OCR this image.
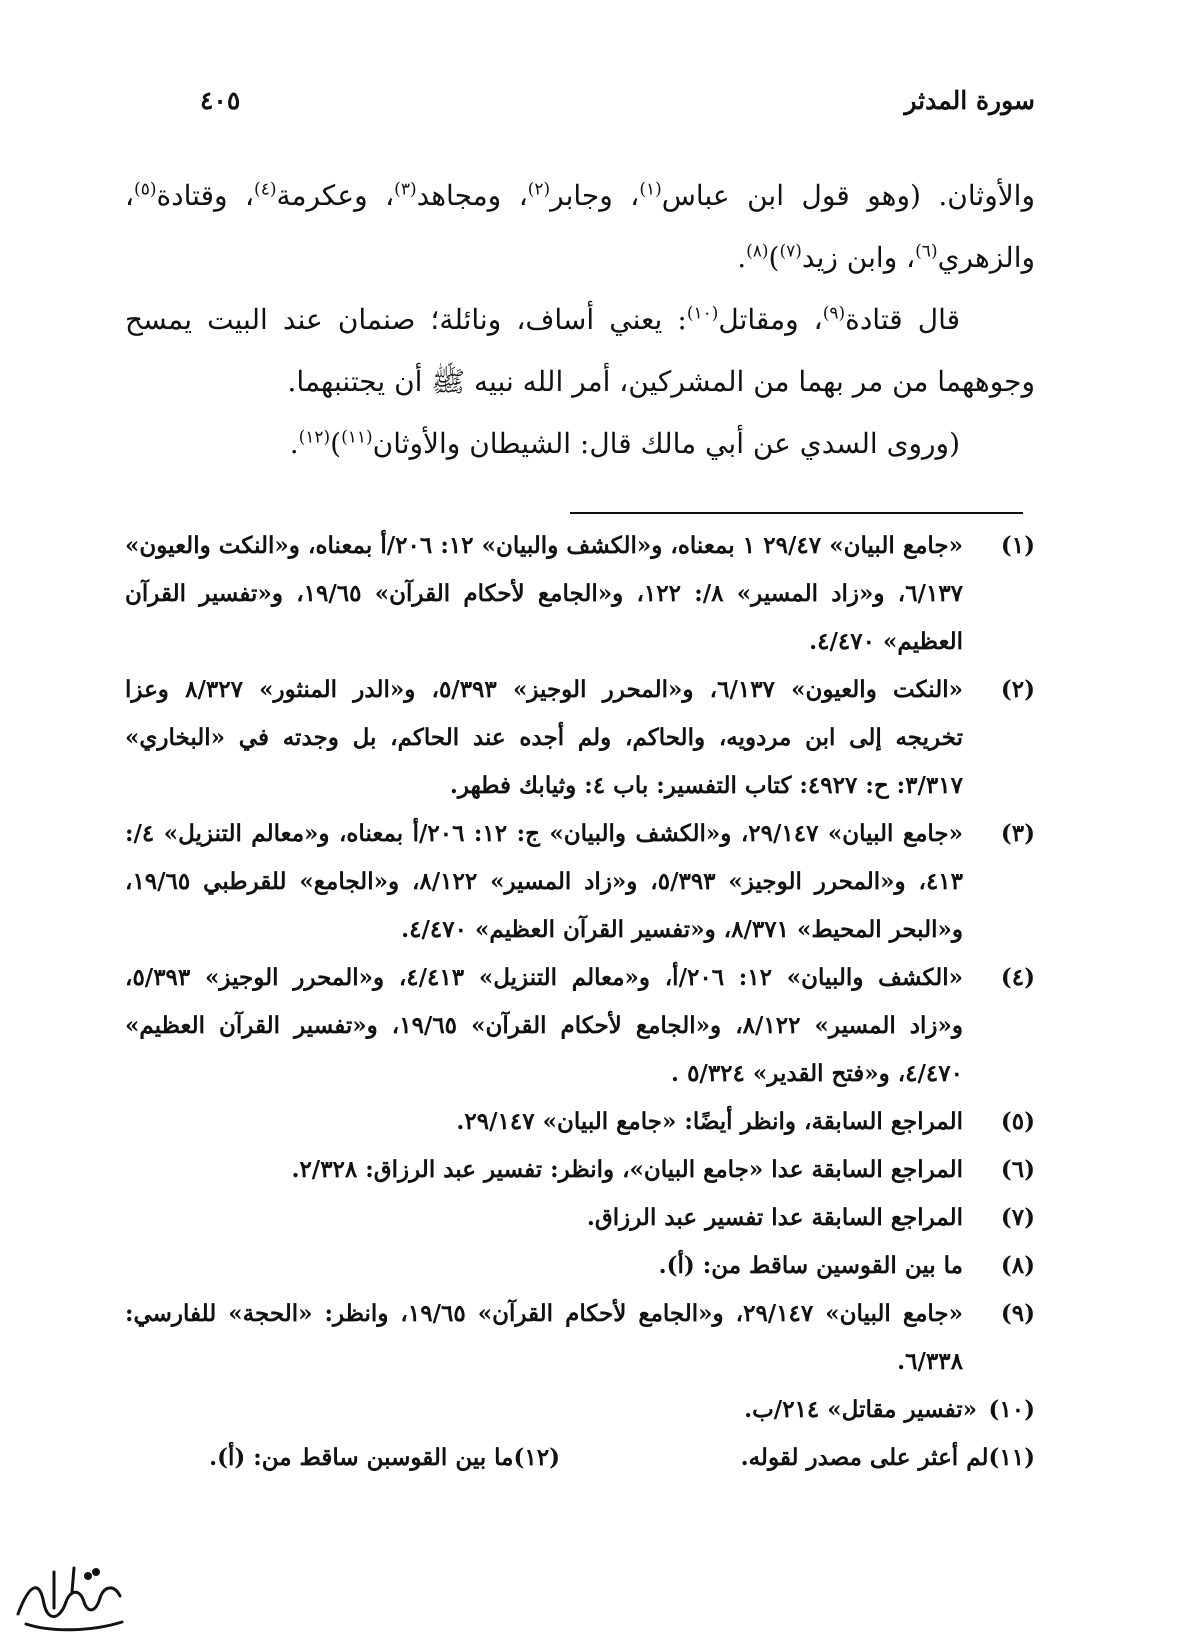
سورة المدثر
٤٠٥

والأوثان. (وهو قول ابن عباس$^{(١)}$، وجابر$^{(٢)}$، ومجاهد$^{(٣)}$، وعكرمة$^{(٤)}$، وقتادة$^{(٥)}$، والزهري$^{(٦)}$، وابن زيد$^{(٧)}$)$^{(٨)}$.

قال قتادة$^{(٩)}$، ومقاتل$^{(١٠)}$: يعني أساف، ونائلة؛ صنمان عند البيت يمسح وجوههما من مر بهما من المشركين، أمر الله نبيه ﷺ أن يجتنبهما.

(وروى السدي عن أبي مالك قال: الشيطان والأوثان$^{(١١)}$)$^{(١٢)}$.

(١)
«جامع البيان» ٢٩/٤٧ ١ بمعناه، و«الكشف والبيان» ١٢: ٢٠٦/أ بمعناه، و«النكت والعيون» ٦/١٣٧، و«زاد المسير» ٨/: ١٢٢، و«الجامع لأحكام القرآن» ١٩/٦٥، و«تفسير القرآن العظيم» ٤/٤٧٠.
(٢)
«النكت والعيون» ٦/١٣٧، و«المحرر الوجيز» ٥/٣٩٣، و«الدر المنثور» ٨/٣٢٧ وعزا تخريجه إلى ابن مردويه، والحاكم، ولم أجده عند الحاكم، بل وجدته في «البخاري» ٣/٣١٧: ح: ٤٩٢٧: كتاب التفسير: باب ٤: وثيابك فطهر.
(٣)
«جامع البيان» ٢٩/١٤٧، و«الكشف والبيان» ج: ١٢: ٢٠٦/أ بمعناه، و«معالم التنزيل» ٤/: ٤١٣، و«المحرر الوجيز» ٥/٣٩٣، و«زاد المسير» ٨/١٢٢، و«الجامع» للقرطبي ١٩/٦٥، و«البحر المحيط» ٨/٣٧١، و«تفسير القرآن العظيم» ٤/٤٧٠.
(٤)
«الكشف والبيان» ١٢: ٢٠٦/أ، و«معالم التنزيل» ٤/٤١٣، و«المحرر الوجيز» ٥/٣٩٣، و«زاد المسير» ٨/١٢٢، و«الجامع لأحكام القرآن» ١٩/٦٥، و«تفسير القرآن العظيم» ٤/٤٧٠، و«فتح القدير» ٥/٣٢٤ .
(٥)
المراجع السابقة، وانظر أيضًا: «جامع البيان» ٢٩/١٤٧.
(٦)
المراجع السابقة عدا «جامع البيان»، وانظر: تفسير عبد الرزاق: ٢/٣٢٨.
(٧)
المراجع السابقة عدا تفسير عبد الرزاق.
(٨)
ما بين القوسين ساقط من: (أ).
(٩)
«جامع البيان» ٢٩/١٤٧، و«الجامع لأحكام القرآن» ١٩/٦٥، وانظر: «الحجة» للفارسي: ٦/٣٣٨.
(١٠)
«تفسير مقاتل» ٢١٤/ب.
(١١)لم أعثر على مصدر لقوله.
(١٢)ما بين القوسبن ساقط من: (أ).
